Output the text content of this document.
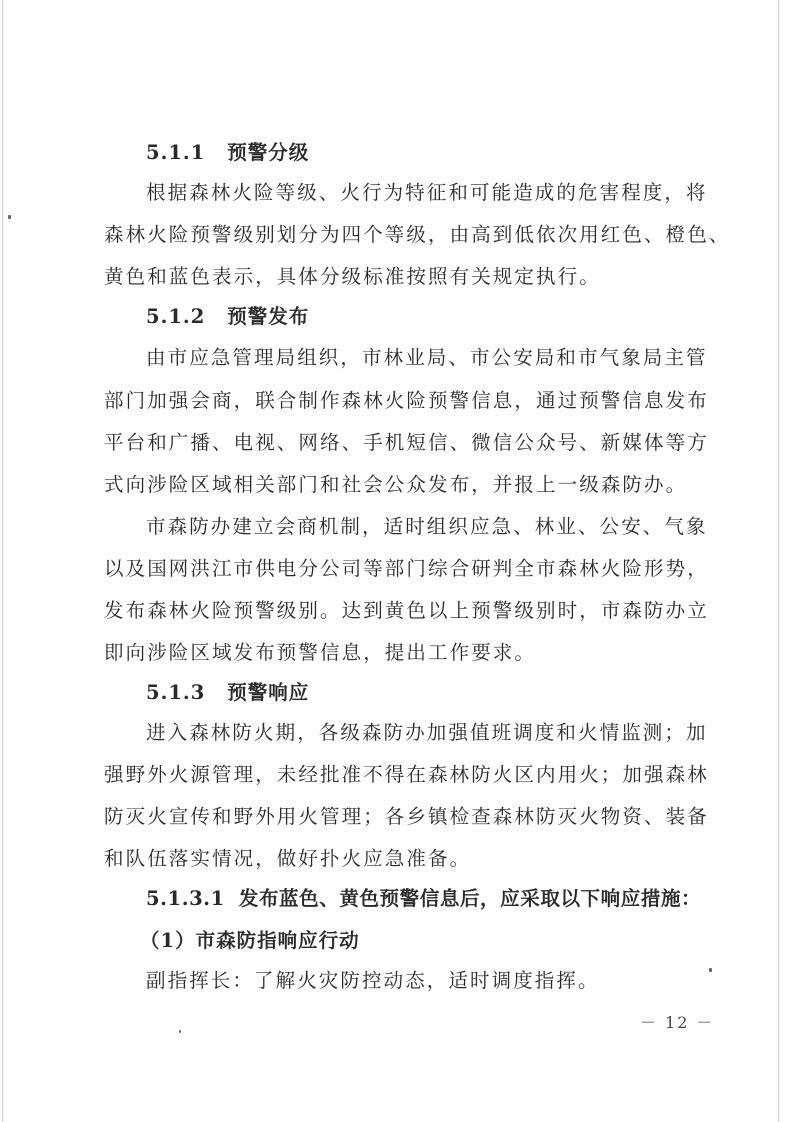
5.1.1 预警分级
根据森林火险等级、火行为特征和可能造成的危害程度，将
森林火险预警级别划分为四个等级，由高到低依次用红色、橙色、
黄色和蓝色表示，具体分级标准按照有关规定执行。
5.1.2 预警发布
由市应急管理局组织，市林业局、市公安局和市气象局主管
部门加强会商，联合制作森林火险预警信息，通过预警信息发布
平台和广播、电视、网络、手机短信、微信公众号、新媒体等方
式向涉险区域相关部门和社会公众发布，并报上一级森防办。
市森防办建立会商机制，适时组织应急、林业、公安、气象
以及国网洪江市供电分公司等部门综合研判全市森林火险形势，
发布森林火险预警级别。达到黄色以上预警级别时，市森防办立
即向涉险区域发布预警信息，提出工作要求。
5.1.3 预警响应
进入森林防火期，各级森防办加强值班调度和火情监测；加
强野外火源管理，未经批准不得在森林防火区内用火；加强森林
防灭火宣传和野外用火管理；各乡镇检查森林防灭火物资、装备
和队伍落实情况，做好扑火应急准备。
5.1.3.1 发布蓝色、黄色预警信息后，应采取以下响应措施：
（1）市森防指响应行动
副指挥长：了解火灾防控动态，适时调度指挥。
－ 12 －
